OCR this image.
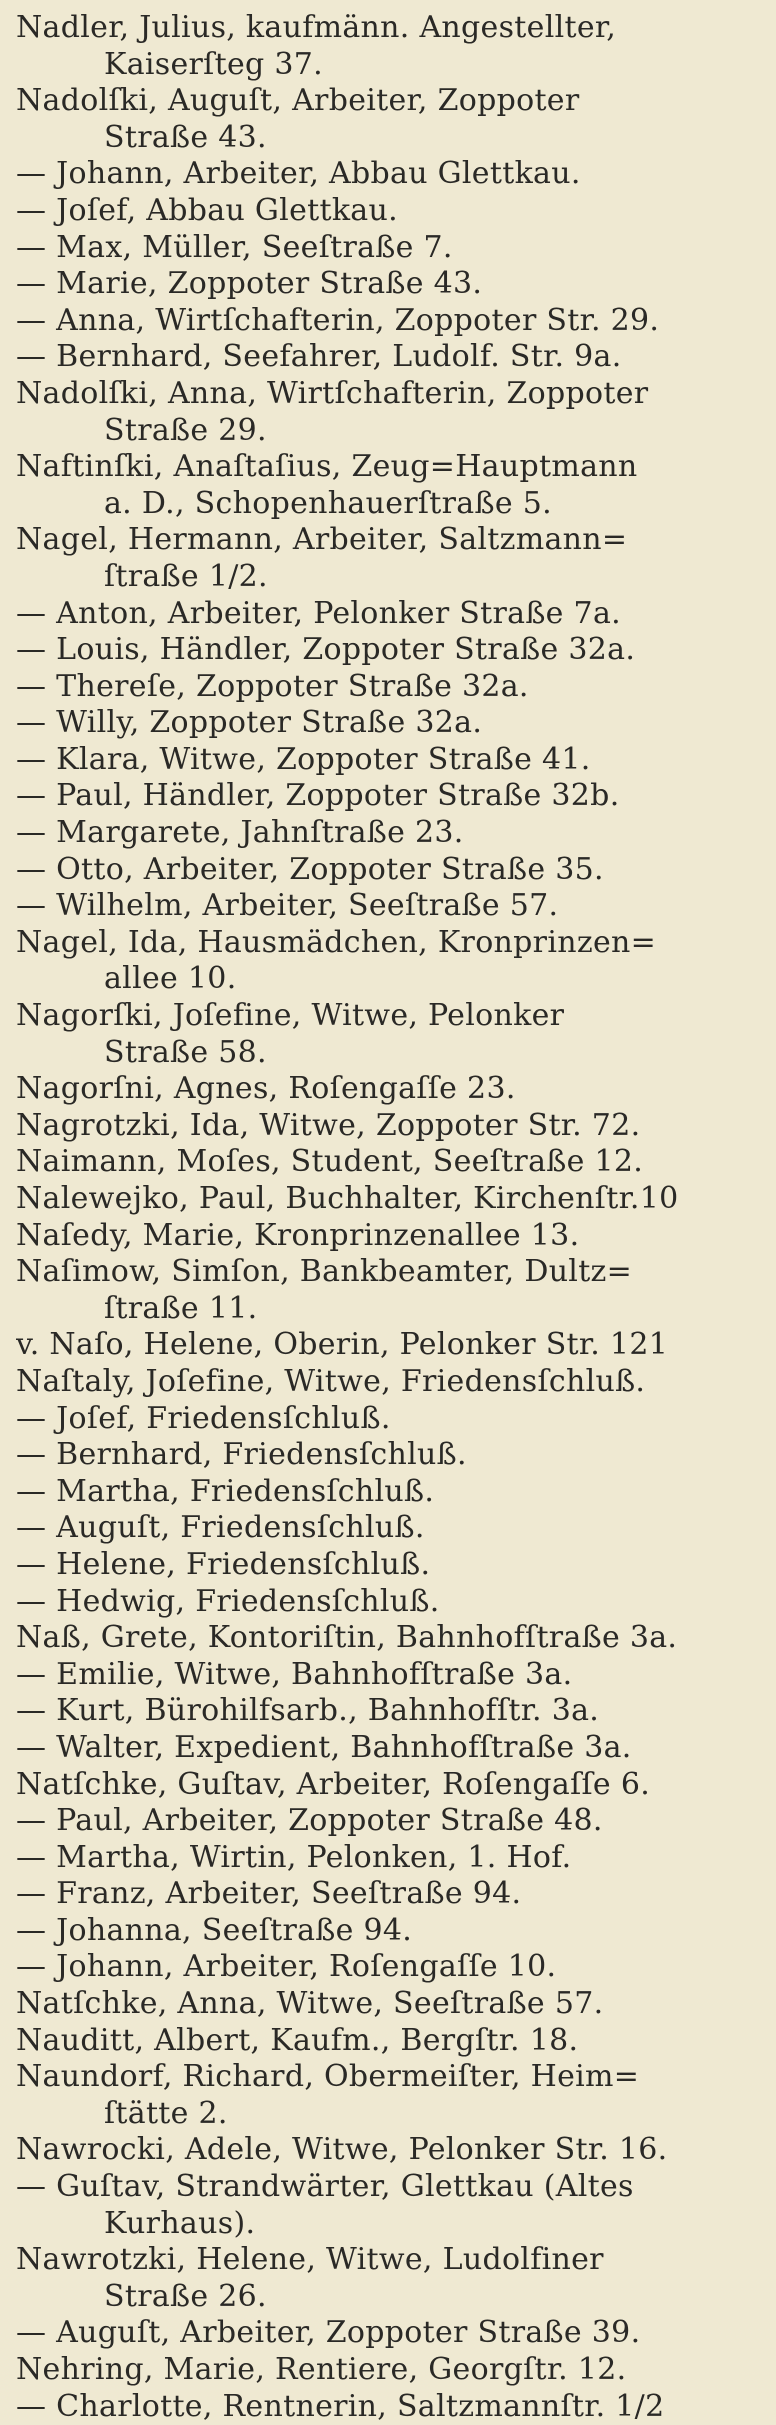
Nadler, Julius, kaufmänn. Angestellter,
Kaiserſteg 37.
Nadolſki, Auguſt, Arbeiter, Zoppoter
Straße 43.
— Johann, Arbeiter, Abbau Glettkau.
— Joſef, Abbau Glettkau.
— Max, Müller, Seeſtraße 7.
— Marie, Zoppoter Straße 43.
— Anna, Wirtſchafterin, Zoppoter Str. 29.
— Bernhard, Seefahrer, Ludolf. Str. 9a.
Nadolſki, Anna, Wirtſchafterin, Zoppoter
Straße 29.
Naftinſki, Anaſtaſius, Zeug=Hauptmann
a. D., Schopenhauerſtraße 5.
Nagel, Hermann, Arbeiter, Saltzmann=
ſtraße 1/2.
— Anton, Arbeiter, Pelonker Straße 7a.
— Louis, Händler, Zoppoter Straße 32a.
— Thereſe, Zoppoter Straße 32a.
— Willy, Zoppoter Straße 32a.
— Klara, Witwe, Zoppoter Straße 41.
— Paul, Händler, Zoppoter Straße 32b.
— Margarete, Jahnſtraße 23.
— Otto, Arbeiter, Zoppoter Straße 35.
— Wilhelm, Arbeiter, Seeſtraße 57.
Nagel, Ida, Hausmädchen, Kronprinzen=
allee 10.
Nagorſki, Joſefine, Witwe, Pelonker
Straße 58.
Nagorſni, Agnes, Roſengaſſe 23.
Nagrotzki, Ida, Witwe, Zoppoter Str. 72.
Naimann, Moſes, Student, Seeſtraße 12.
Nalewejko, Paul, Buchhalter, Kirchenſtr.10
Naſedy, Marie, Kronprinzenallee 13.
Naſimow, Simſon, Bankbeamter, Dultz=
ſtraße 11.
v. Naſo, Helene, Oberin, Pelonker Str. 121
Naſtaly, Joſefine, Witwe, Friedensſchluß.
— Joſef, Friedensſchluß.
— Bernhard, Friedensſchluß.
— Martha, Friedensſchluß.
— Auguſt, Friedensſchluß.
— Helene, Friedensſchluß.
— Hedwig, Friedensſchluß.
Naß, Grete, Kontoriſtin, Bahnhofſtraße 3a.
— Emilie, Witwe, Bahnhofſtraße 3a.
— Kurt, Bürohilfsarb., Bahnhofſtr. 3a.
— Walter, Expedient, Bahnhofſtraße 3a.
Natſchke, Guſtav, Arbeiter, Roſengaſſe 6.
— Paul, Arbeiter, Zoppoter Straße 48.
— Martha, Wirtin, Pelonken, 1. Hof.
— Franz, Arbeiter, Seeſtraße 94.
— Johanna, Seeſtraße 94.
— Johann, Arbeiter, Roſengaſſe 10.
Natſchke, Anna, Witwe, Seeſtraße 57.
Nauditt, Albert, Kaufm., Bergſtr. 18.
Naundorf, Richard, Obermeiſter, Heim=
ſtätte 2.
Nawrocki, Adele, Witwe, Pelonker Str. 16.
— Guſtav, Strandwärter, Glettkau (Altes
Kurhaus).
Nawrotzki, Helene, Witwe, Ludolfiner
Straße 26.
— Auguſt, Arbeiter, Zoppoter Straße 39.
Nehring, Marie, Rentiere, Georgſtr. 12.
— Charlotte, Rentnerin, Saltzmannſtr. 1/2
